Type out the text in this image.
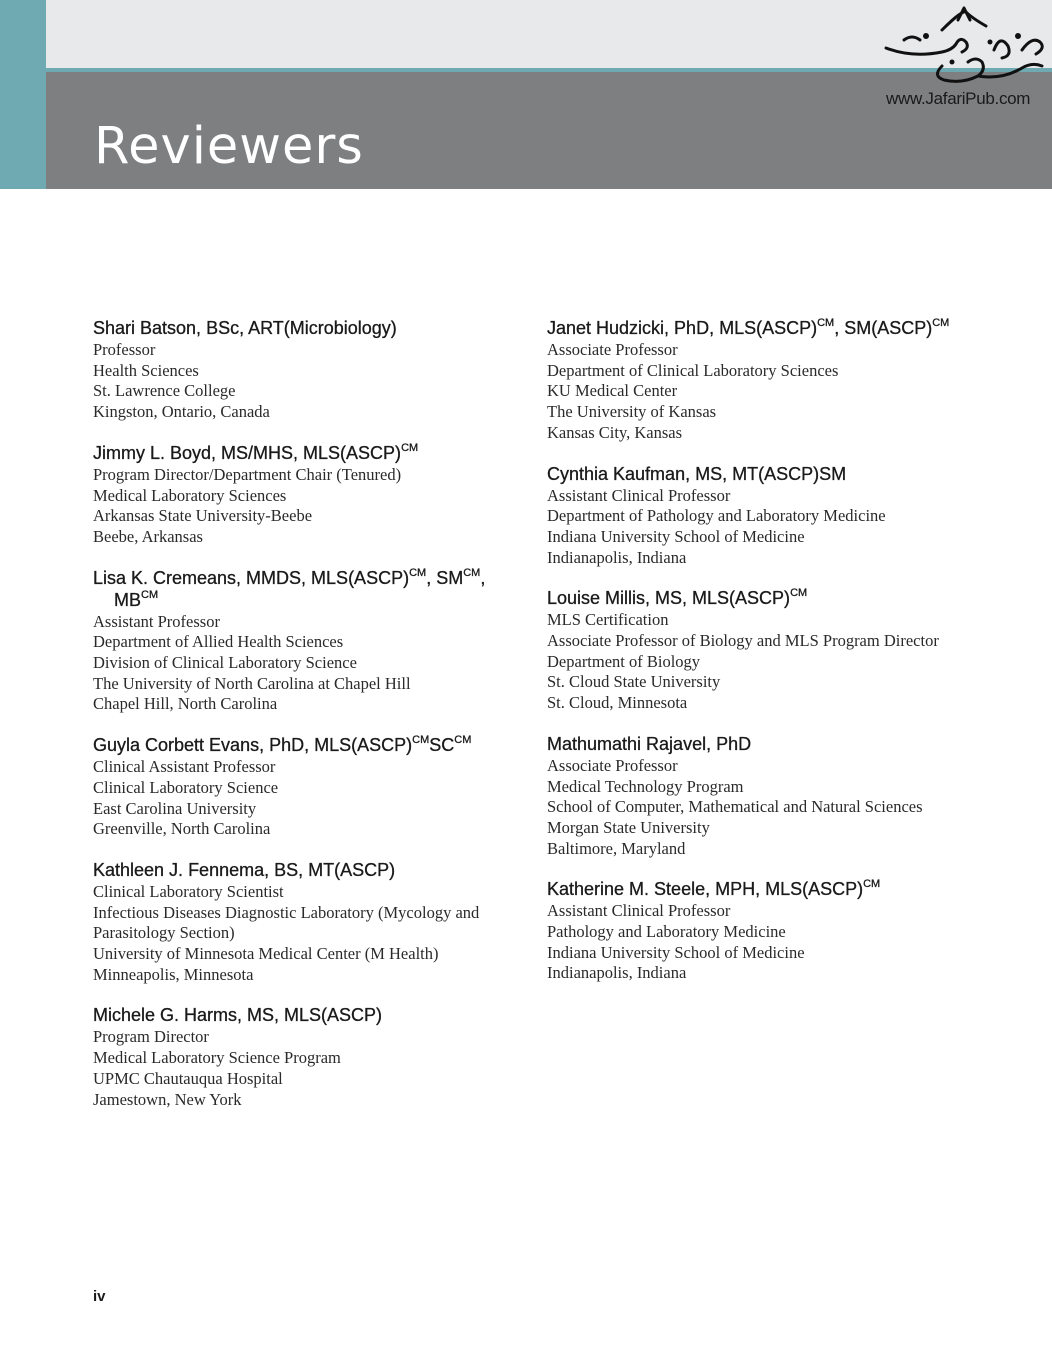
Reviewers
www.JafariPub.com
Shari Batson, BSc, ART(Microbiology)
Professor
Health Sciences
St. Lawrence College
Kingston, Ontario, Canada
Jimmy L. Boyd, MS/MHS, MLS(ASCP)$^{CM}$
Program Director/Department Chair (Tenured)
Medical Laboratory Sciences
Arkansas State University-Beebe
Beebe, Arkansas
Lisa K. Cremeans, MMDS, MLS(ASCP)$^{CM}$, $SM^{CM}$,
$MB^{CM}$
Assistant Professor
Department of Allied Health Sciences
Division of Clinical Laboratory Science
The University of North Carolina at Chapel Hill
Chapel Hill, North Carolina
Guyla Corbett Evans, PhD, $MLS(ASCP)^{CM}SC^{CM}$
Clinical Assistant Professor
Clinical Laboratory Science
East Carolina University
Greenville, North Carolina
Kathleen J. Fennema, BS, MT(ASCP)
Clinical Laboratory Scientist
Infectious Diseases Diagnostic Laboratory (Mycology and
Parasitology Section)
University of Minnesota Medical Center (M Health)
Minneapolis, Minnesota
Michele G. Harms, MS, MLS(ASCP)
Program Director
Medical Laboratory Science Program
UPMC Chautauqua Hospital
Jamestown, New York
Janet Hudzicki, PhD, MLS(ASCP)$^{CM}$, SM(ASCP)$^{CM}$
Associate Professor
Department of Clinical Laboratory Sciences
KU Medical Center
The University of Kansas
Kansas City, Kansas
Cynthia Kaufman, MS, MT(ASCP)SM
Assistant Clinical Professor
Department of Pathology and Laboratory Medicine
Indiana University School of Medicine
Indianapolis, Indiana
Louise Millis, MS, MLS(ASCP)$^{CM}$
MLS Certification
Associate Professor of Biology and MLS Program Director
Department of Biology
St. Cloud State University
St. Cloud, Minnesota
Mathumathi Rajavel, PhD
Associate Professor
Medical Technology Program
School of Computer, Mathematical and Natural Sciences
Morgan State University
Baltimore, Maryland
Katherine M. Steele, MPH, MLS(ASCP)$^{CM}$
Assistant Clinical Professor
Pathology and Laboratory Medicine
Indiana University School of Medicine
Indianapolis, Indiana
iv
